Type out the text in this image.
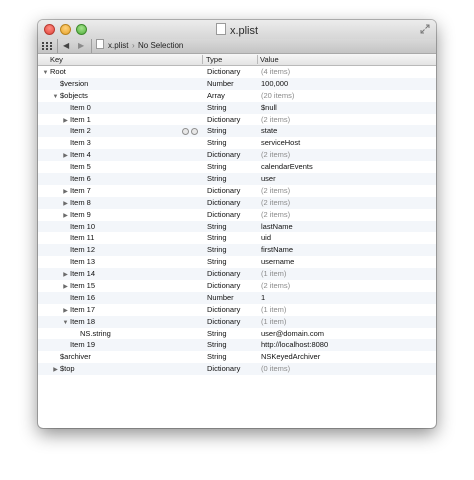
x.plist
◀ ▶	x.plist › No Selection
Key	Type	Value
▼ Root	Dictionary	(4 items)
$version	Number	100,000
▼ $objects	Array	(20 items)
Item 0	String	$null
▶ Item 1	Dictionary	(2 items)
Item 2	String	state
Item 3	String	serviceHost
▶ Item 4	Dictionary	(2 items)
Item 5	String	calendarEvents
Item 6	String	user
▶ Item 7	Dictionary	(2 items)
▶ Item 8	Dictionary	(2 items)
▶ Item 9	Dictionary	(2 items)
Item 10	String	lastName
Item 11	String	uid
Item 12	String	firstName
Item 13	String	username
▶ Item 14	Dictionary	(1 item)
▶ Item 15	Dictionary	(2 items)
Item 16	Number	1
▶ Item 17	Dictionary	(1 item)
▼ Item 18	Dictionary	(1 item)
NS.string	String	user@domain.com
Item 19	String	http://localhost:8080
$archiver	String	NSKeyedArchiver
▶ $top	Dictionary	(0 items)
